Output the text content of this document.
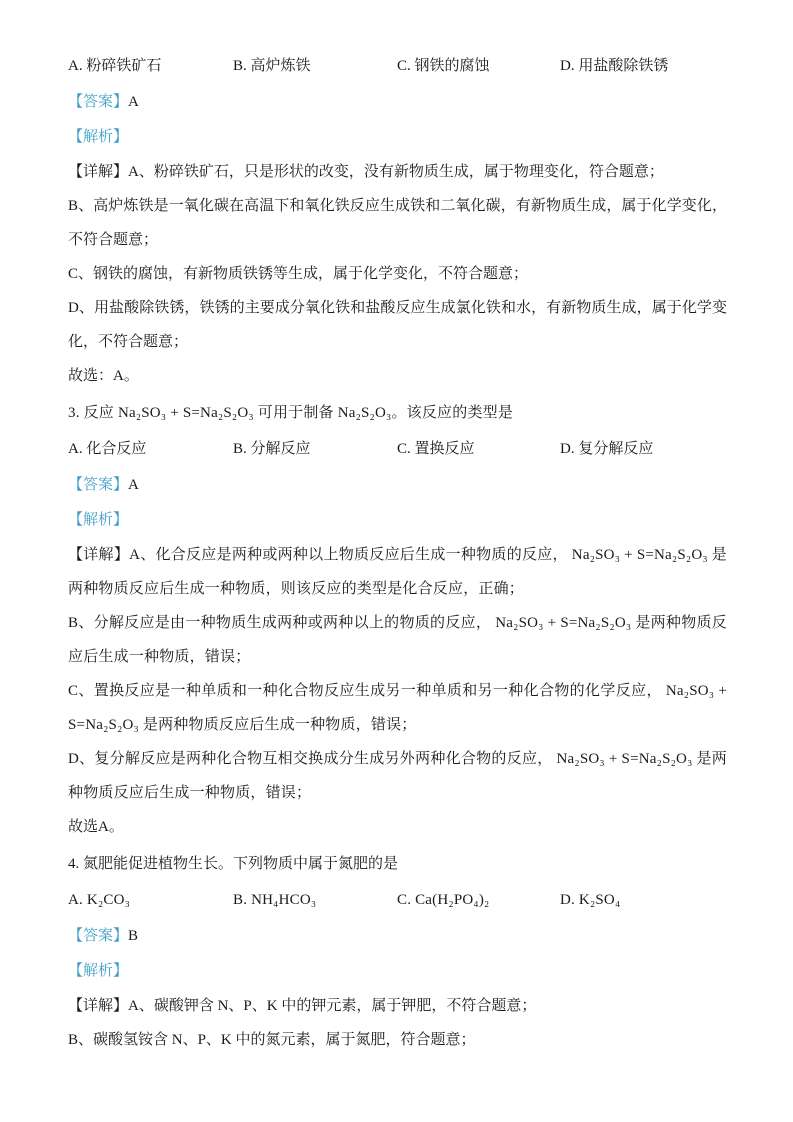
A. 粉碎铁矿石	B. 高炉炼铁	C. 钢铁的腐蚀	D. 用盐酸除铁锈

【答案】A

【解析】

【详解】A、粉碎铁矿石，只是形状的改变，没有新物质生成，属于物理变化，符合题意；

B、高炉炼铁是一氧化碳在高温下和氧化铁反应生成铁和二氧化碳，有新物质生成，属于化学变化，不符合题意；

C、钢铁的腐蚀，有新物质铁锈等生成，属于化学变化，不符合题意；

D、用盐酸除铁锈，铁锈的主要成分氧化铁和盐酸反应生成氯化铁和水，有新物质生成，属于化学变化，不符合题意；

故选：A。

3. 反应 Na₂SO₃ + S=Na₂S₂O₃ 可用于制备 Na₂S₂O₃。该反应的类型是

A. 化合反应	B. 分解反应	C. 置换反应	D. 复分解反应

【答案】A

【解析】

【详解】A、化合反应是两种或两种以上物质反应后生成一种物质的反应， Na₂SO₃ + S=Na₂S₂O₃ 是两种物质反应后生成一种物质，则该反应的类型是化合反应，正确；

B、分解反应是由一种物质生成两种或两种以上的物质的反应， Na₂SO₃ + S=Na₂S₂O₃ 是两种物质反应后生成一种物质，错误；

C、置换反应是一种单质和一种化合物反应生成另一种单质和另一种化合物的化学反应， Na₂SO₃ + S=Na₂S₂O₃ 是两种物质反应后生成一种物质，错误；

D、复分解反应是两种化合物互相交换成分生成另外两种化合物的反应， Na₂SO₃ + S=Na₂S₂O₃ 是两种物质反应后生成一种物质，错误；

故选A。

4. 氮肥能促进植物生长。下列物质中属于氮肥的是

A. K₂CO₃	B. NH₄HCO₃	C. Ca(H₂PO₄)₂	D. K₂SO₄

【答案】B

【解析】

【详解】A、碳酸钾含 N、P、K 中的钾元素，属于钾肥，不符合题意；

B、碳酸氢铵含 N、P、K 中的氮元素，属于氮肥，符合题意；
